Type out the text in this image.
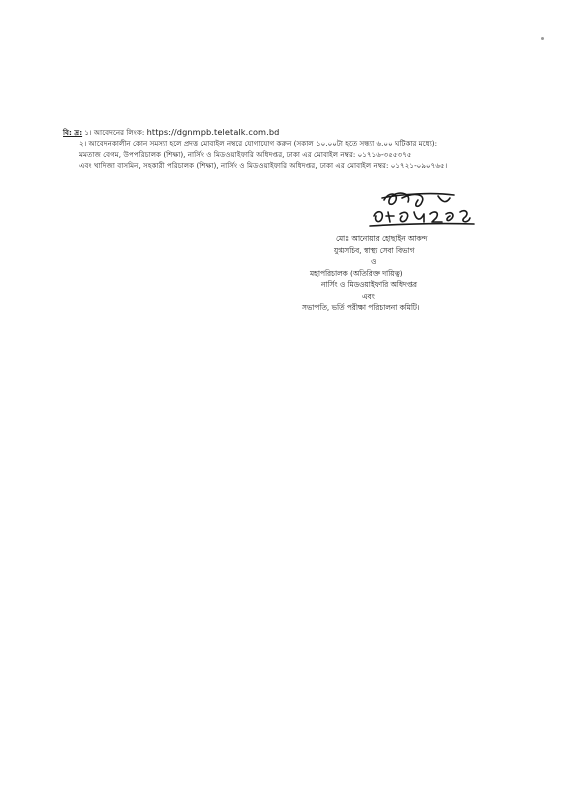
বি: দ্র: ১। আবেদনের লিংক: https://dgnmpb.teletalk.com.bd
২। আবেদনকালীন কোন সমস্যা হলে প্রদত্ত মোবাইল নম্বরে যোগাযোগ করুন (সকাল ১০.০০টা হতে সন্ধ্যা ৬.০০ ঘটিকার মধ্যে):
মমতাজ বেগম, উপপরিচালক (শিক্ষা), নার্সিং ও মিডওয়াইফারি অধিদপ্তর, ঢাকা এর মোবাইল নম্বর: ০১৭১৬-৩৫৫৩৭৫
এবং খাদিজা বাসমিন, সহকারী পরিচালক (শিক্ষা), নার্সিং ও মিডওয়াইফারি অধিদপ্তর, ঢাকা এর মোবাইল নম্বর: ০১৭২১-০৯০৭৬৫।
মোঃ আনোয়ার হোছাইন আকন্দ
যুগ্মসচিব, স্বাস্থ্য সেবা বিভাগ
ও
মহাপরিচালক (অতিরিক্ত দায়িত্ব)
নার্সিং ও মিডওয়াইফারি অধিদপ্তর
এবং
সভাপতি, ভর্তি পরীক্ষা পরিচালনা কমিটি।
